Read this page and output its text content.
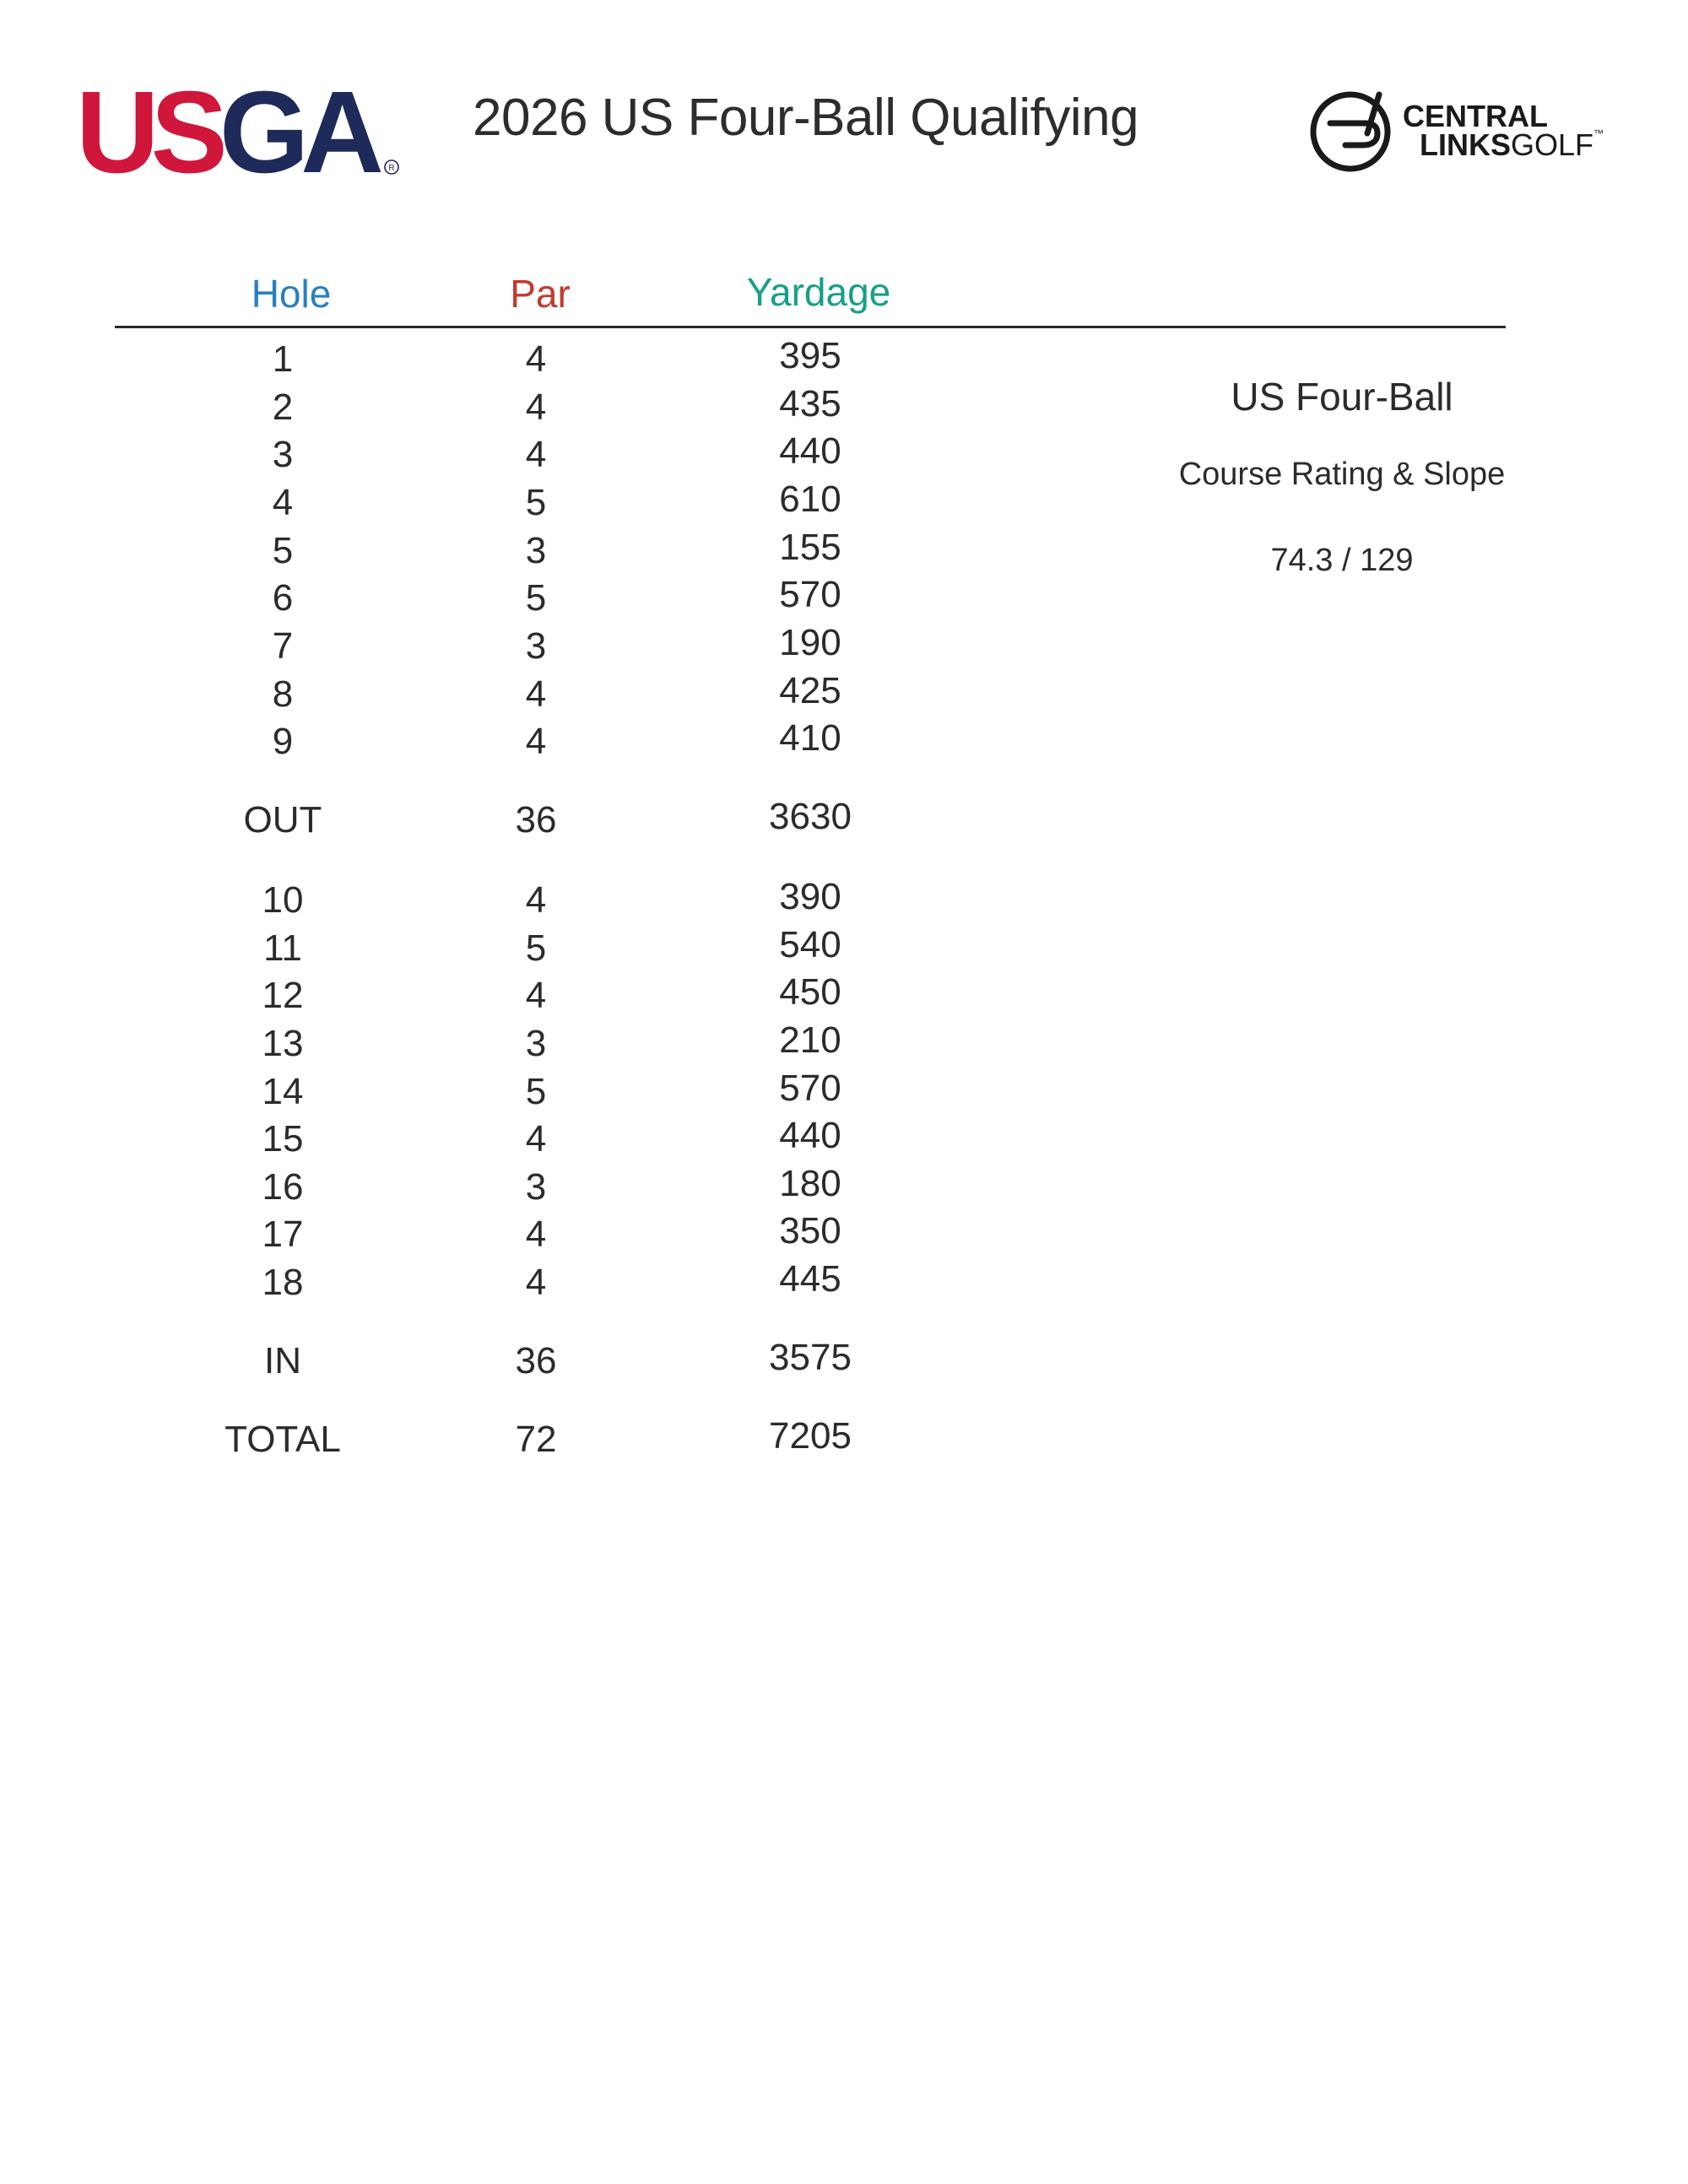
USGA	R
2026 US Four-Ball Qualifying	CENTRAL
LINKSGOLF™
Hole	Par	Yardage
1	4	395
2	4	435
3	4	440
4	5	610
5	3	155
6	5	570
7	3	190
8	4	425
9	4	410
OUT	36	3630
10	4	390
11	5	540
12	4	450
13	3	210
14	5	570
15	4	440
16	3	180
17	4	350
18	4	445
IN	36	3575
TOTAL	72	7205
US Four-Ball
Course Rating & Slope
74.3 / 129
